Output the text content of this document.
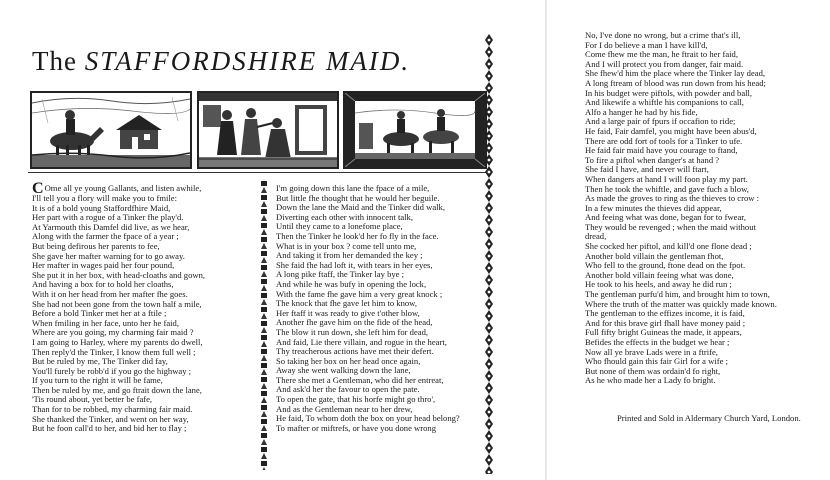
The STAFFORDSHIRE MAID.
COme all ye young Gallants, and listen awhile,
I'll tell you a flory will make you to fmile:
It is of a bold young Staffordfhire Maid,
Her part with a rogue of a Tinker fhe play'd.
At Yarmouth this Damfel did live, as we hear,
Along with the farmer the fpace of a year ;
But being defirous her parents to fee,
She gave her mafter warning for to go away.
Her mafter in wages paid her four pound,
She put it in her box, with head-cloaths and gown,
And having a box for to hold her cloaths,
With it on her head from her mafter fhe goes.
She had not been gone from the town half a mile,
Before a bold Tinker met her at a ftile ;
When fmiling in her face, unto her he faid,
Where are you going, my charming fair maid ?
I am going to Harley, where my parents do dwell,
Then reply'd the Tinker, I know them full well ;
But be ruled by me, The Tinker did fay,
You'll furely be robb'd if you go the highway ;
If you turn to the right it will be fame,
Then be ruled by me, and go ftrait down the lane,
'Tis round about, yet better be fafe,
Than for to be robbed, my charming fair maid.
She thanked the Tinker, and went on her way,
But he foon call'd to her, and bid her to flay ;
I'm going down this lane the fpace of a mile,
But little fhe thought that he would her beguile.
Down the lane the Maid and the Tinker did walk,
Diverting each other with innocent talk,
Until they came to a lonefome place,
Then the Tinker he look'd her fo fly in the face.
What is in your box ? come tell unto me,
And taking it from her demanded the key ;
She faid fhe had loft it, with tears in her eyes,
A long pike ftaff, the Tinker lay bye ;
And while he was bufy in opening the lock,
With the fame fhe gave him a very great knock ;
The knock that fhe gave let him to know,
Her ftaff it was ready to give t'other blow,
Another fhe gave him on the fide of the head,
The blow it run down, she left him for dead,
And faid, Lie there villain, and rogue in the heart,
Thy treacherous actions have met their defert.
So taking her box on her head once again,
Away she went walking down the lane,
There she met a Gentleman, who did her entreat,
And ask'd her the favour to open the pate.
To open the gate, that his horfe might go thro',
And as the Gentleman near to her drew,
He faid, To whom doth the box on your head belong?
To mafter or miftrefs, or have you done wrong
No, I've done no wrong, but a crime that's ill,
For I do believe a man I have kill'd,
Come fhew me the man, he ftrait to her faid,
And I will protect you from danger, fair maid.
She fhew'd him the place where the Tinker lay dead,
A long ftream of blood was run down from his head;
In his budget were piftols, with powder and ball,
And likewife a whiftle his companions to call,
Alfo a hanger he had by his fide,
And a large pair of fpurs if occafion to ride;
He faid, Fair damfel, you might have been abus'd,
There are odd fort of tools for a Tinker to ufe.
He faid fair maid have you courage to ftand,
To fire a piftol when danger's at hand ?
She faid I have, and never will ftart,
When dangers at hand I will foon play my part.
Then he took the whiftle, and gave fuch a blow,
As made the groves to ring as the thieves to crow :
In a few minutes the thieves did appear,
And feeing what was done, began for to fwear,
They would be revenged ; when the maid without
dread,
She cocked her piftol, and kill'd one flone dead ;
Another bold villain the gentleman fhot,
Who fell to the ground, ftone dead on the fpot.
Another bold villain feeing what was done,
He took to his heels, and away he did run ;
The gentleman purfu'd him, and brought him to town,
Where the truth of the matter was quickly made known.
The gentleman to the effizes income, it is faid,
And for this brave girl fhall have money paid ;
Full fifty bright Guineas the made, it appears,
Befides the effects in the budget we hear ;
Now all ye brave Lads were in a ftrife,
Who fhould gain this fair Girl for a wife ;
But none of them was ordain'd fo right,
As he who made her a Lady fo bright.
Printed and Sold in Aldermary Church Yard, London.
